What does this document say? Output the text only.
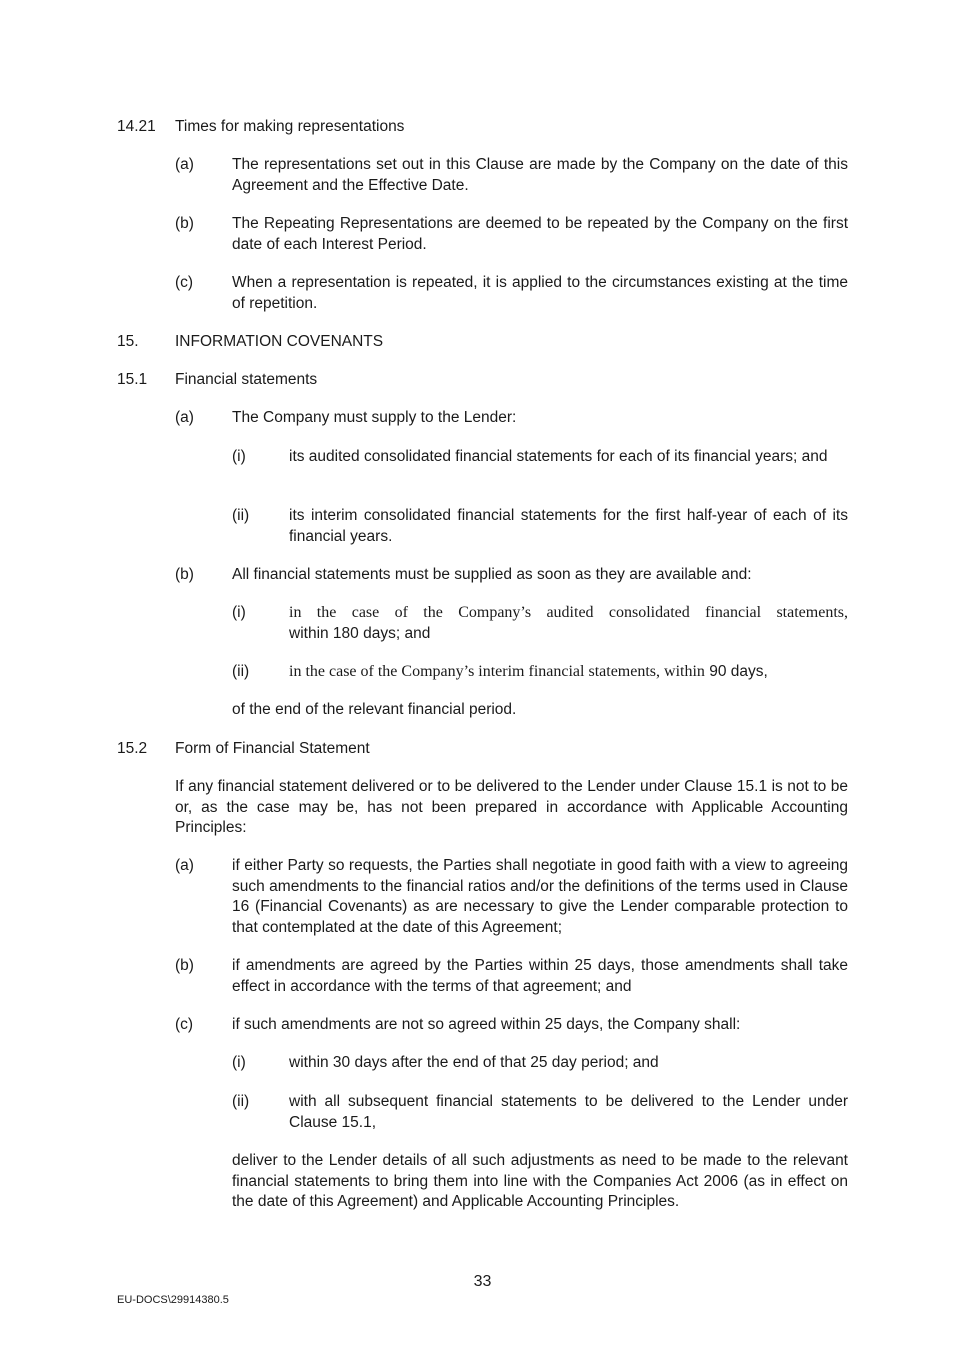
14.21 Times for making representations
(a) The representations set out in this Clause are made by the Company on the date of this Agreement and the Effective Date.
(b) The Repeating Representations are deemed to be repeated by the Company on the first date of each Interest Period.
(c)	When a representation is repeated, it is applied to the circumstances existing at the time of repetition.
15. INFORMATION COVENANTS
15.1 Financial statements
(a) The Company must supply to the Lender:
(i)	its audited consolidated financial statements for each of its financial years; and
(ii)	its interim consolidated financial statements for the first half-year of each of its financial years.
(b) All financial statements must be supplied as soon as they are available and:
(i)	in the case of the Company’s audited consolidated financial statements,
within 180 days; and
(ii) in the case of the Company’s interim financial statements, within 90 days,
of the end of the relevant financial period.
15.2 Form of Financial Statement
If any financial statement delivered or to be delivered to the Lender under Clause 15.1 is not to be or, as the case may be, has not been prepared in accordance with Applicable Accounting Principles:
(a) if either Party so requests, the Parties shall negotiate in good faith with a view to agreeing such amendments to the financial ratios and/or the definitions of the terms used in Clause 16 (Financial Covenants) as are necessary to give the Lender comparable protection to that contemplated at the date of this Agreement;
(b) if amendments are agreed by the Parties within 25 days, those amendments shall take effect in accordance with the terms of that agreement; and
(c)	if such amendments are not so agreed within 25 days, the Company shall:
(i)	within 30 days after the end of that 25 day period; and
(ii)	with all subsequent financial statements to be delivered to the Lender under Clause 15.1,
deliver to the Lender details of all such adjustments as need to be made to the relevant financial statements to bring them into line with the Companies Act 2006 (as in effect on the date of this Agreement) and Applicable Accounting Principles.
33
EU-DOCS\29914380.5
